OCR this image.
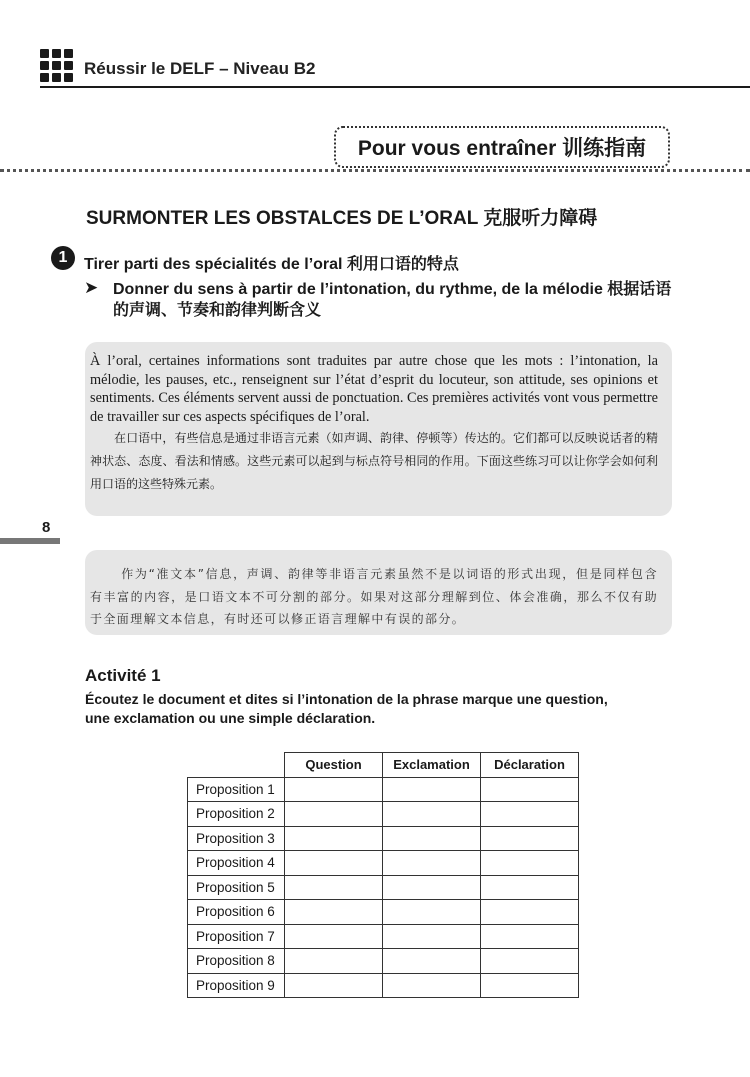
Réussir le DELF – Niveau B2
Pour vous entraîner 训练指南
SURMONTER LES OBSTALCES DE L’ORAL 克服听力障碍
1	Tirer parti des spécialités de l’oral 利用口语的特点
➤ Donner du sens à partir de l’intonation, du rythme, de la mélodie 根据话语的声调、节奏和韵律判断含义

À l’oral, certaines informations sont traduites par autre chose que les mots : l’intonation, la mélodie, les pauses, etc., renseignent sur l’état d’esprit du locuteur, son attitude, ses opinions et sentiments. Ces éléments servent aussi de ponctuation. Ces premières activités vont vous permettre de travailler sur ces aspects spécifiques de l’oral.

在口语中，有些信息是通过非语言元素（如声调、韵律、停顿等）传达的。它们都可以反映说话者的精神状态、态度、看法和情感。这些元素可以起到与标点符号相同的作用。下面这些练习可以让你学会如何利用口语的这些特殊元素。

8

作为“准文本”信息，声调、韵律等非语言元素虽然不是以词语的形式出现，但是同样包含有丰富的内容，是口语文本不可分割的部分。如果对这部分理解到位、体会准确，那么不仅有助于全面理解文本信息，有时还可以修正语言理解中有误的部分。

Activité 1
Écoutez le document et dites si l’intonation de la phrase marque une question, une exclamation ou une simple déclaration.
	Question	Exclamation	Déclaration
Proposition 1			
Proposition 2			
Proposition 3			
Proposition 4			
Proposition 5			
Proposition 6			
Proposition 7			
Proposition 8			
Proposition 9			
